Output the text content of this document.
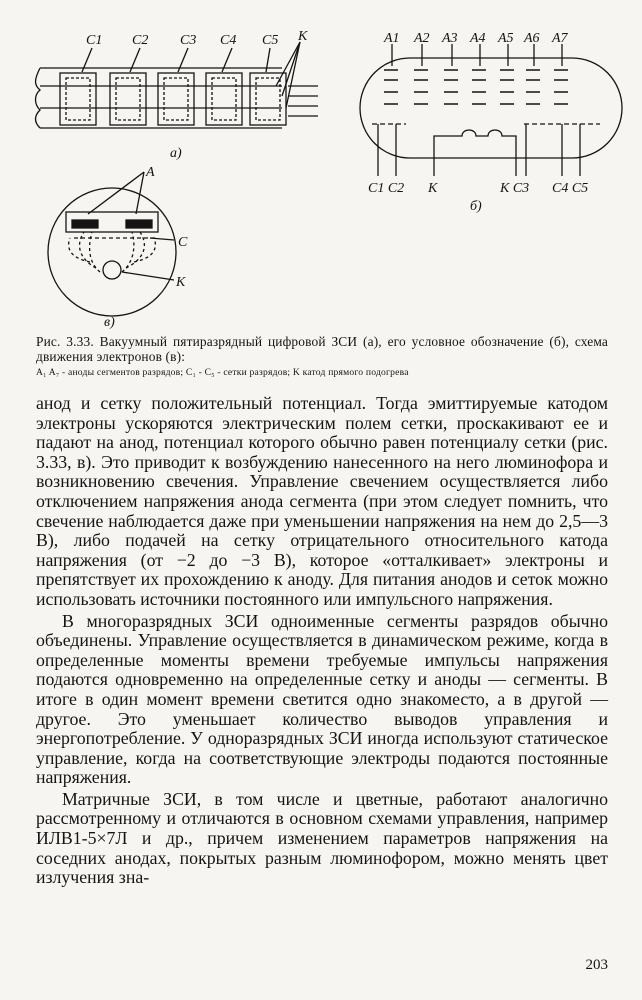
C1 C2 C3 C4 C5 K
а)
A1 A2 A3 A4 A5 A6 A7
C1 C2 K	K C3 C4 C5
б)
A
C
K
в)
Рис. 3.33. Вакуумный пятиразрядный цифровой ЗСИ (а), его условное обозначение (б), схема движения электронов (в):
A₁ A₇ - аноды сегментов разрядов; C₁ - C₅ - сетки разрядов; K катод прямого подогрева

анод и сетку положительный потенциал. Тогда эмиттируемые катодом электроны ускоряются электрическим полем сетки, проскакивают ее и падают на анод, потенциал которого обычно равен потенциалу сетки (рис. 3.33, в). Это приводит к возбуждению нанесенного на него люминофора и возникновению свечения. Управление свечением осуществляется либо отключением напряжения анода сегмента (при этом следует помнить, что свечение наблюдается даже при уменьшении напряжения на нем до 2,5—3 В), либо подачей на сетку отрицательного относительного катода напряжения (от −2 до −3 В), которое «отталкивает» электроны и препятствует их прохождению к аноду. Для питания анодов и сеток можно использовать источники постоянного или импульсного напряжения.

В многоразрядных ЗСИ одноименные сегменты разрядов обычно объединены. Управление осуществляется в динамическом режиме, когда в определенные моменты времени требуемые импульсы напряжения подаются одновременно на определенные сетку и аноды — сегменты. В итоге в один момент времени светится одно знакоместо, а в другой — другое. Это уменьшает количество выводов управления и энергопотребление. У одноразрядных ЗСИ иногда используют статическое управление, когда на соответствующие электроды подаются постоянные напряжения.

Матричные ЗСИ, в том числе и цветные, работают аналогично рассмотренному и отличаются в основном схемами управления, например ИЛВ1-5×7Л и др., причем изменением параметров напряжения на соседних анодах, покрытых разным люминофором, можно менять цвет излучения зна-

203
